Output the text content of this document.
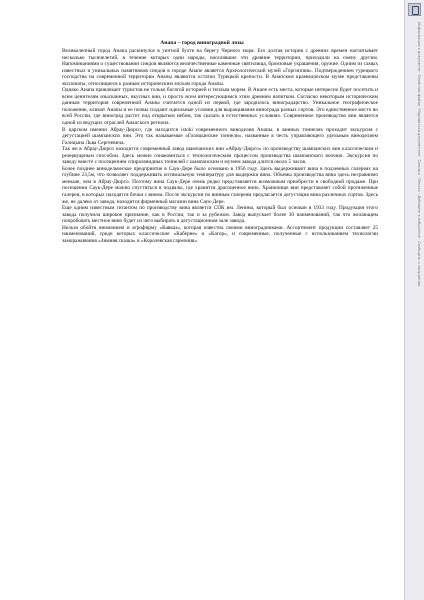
Анапа – город виноградной лозы

Великолепный город Анапа раскинулся в уютной бухте на берегу Черного моря. Его долгая история с древних времен насчитывает несколько тысячелетий, в течение которых одни народы, населявшие эти древние территории, приходили на смену другим. Напоминаниями о существовании синдов являются величественные каменные святилища, бронзовые украшения, оружие. Одним из самых известных и уникальных памятников синдов в городе Анапе является Археологический музей «Горгиппия». Подтверждением турецкого господства на современной территории Анапы являются остатки Турецкой крепости. В Анапском краеведческом музее представлены экспонаты, относящиеся к разным историческим эпохам города Анапы.

Однако Анапа привлекает туристов не только богатой историей и теплым морем. В Анапе есть места, которые интересно будет посетить и всем ценителям изысканных, вкусных вин, и просто всем интересующимся этим древним напитком. Согласно некоторым историческим данным территория современной Анапы считается одной из первой, где зародилось виноградарство. Уникальное географическое положение, климат Анапы и ее почвы создают идеальные условия для выращивания винограда разных сортов. Это единственное место во всей России, где виноград растет под открытым небом, так сказать в естественных условиях. Современное производство вин является одной из ведущих отраслей Анапского региона.

В царском имении Абрау-Дюрсо, где находится istoki современного виноделия Анапы, в винных тоннелях проходит экскурсия с дегустацией шампанских вин. Это так называемые «Голицынские тоннели», названные в честь управляющего удельным виноделием Голицына Льва Сергеевича.

Так же в Абрау-Дюрсо находится современный завод шампанских вин «Абрау-Дюрсо» по производству шампанских вин классическим и резервуарным способом. Здесь можно ознакомиться с технологическим процессом производства шампанского воочию. Экскурсия по заводу вместе с посещением спиралевидных тоннелей с шампанским и музеем завода длится около 5 часов.

Более позднее винодельческое предприятие в Саук-Дере было основано в 1956 году. Здесь выдерживают вина в подземных галереях на глубине 23,5м, что позволяет поддерживать оптимальную температуру для выдержки вина. Объемы производства вина здесь несравнимо меньше, чем в Абрау-Дюрсо. Поэтому вина Саук-Дере очень редко представляется возможным приобрести в свободной продаже. При посещении Саук-Дере можно спуститься в подвалы, где хранится драгоценное вино. Хранилище вин представляет собой протяженные галереи, в которых находятся бочки с вином. После экскурсии по винным галереям предлагается дегустация вина различных сортов. Здесь же, не далеко от завода, находится фирменный магазин вина Саук-Дере.

Еще одним известным гигантом по производству вина является СПК им. Ленина, который был основан в 1933 году. Продукция этого завода получила широкое признание, как в России, так и за рубежом. Завод выпускает более 30 наименований, так что желающим попробовать местное вино будет из чего выбирать в дегустационном зале завода.

Нельзя обойти вниманием и агрофирму «Кавказ», которая известна своими виноградниками. Ассортимент продукции составляет 25 наименований, среди которых классические «Каберне» и «Кагор», и современные, полученные с использованием технологии замораживания «Зимняя сказка» и «Королевская гармония».	Информация о документе · Свойства файла · Поделиться документом · Скачать · Печать · Добавить в избранное · Сообщить о нарушении
